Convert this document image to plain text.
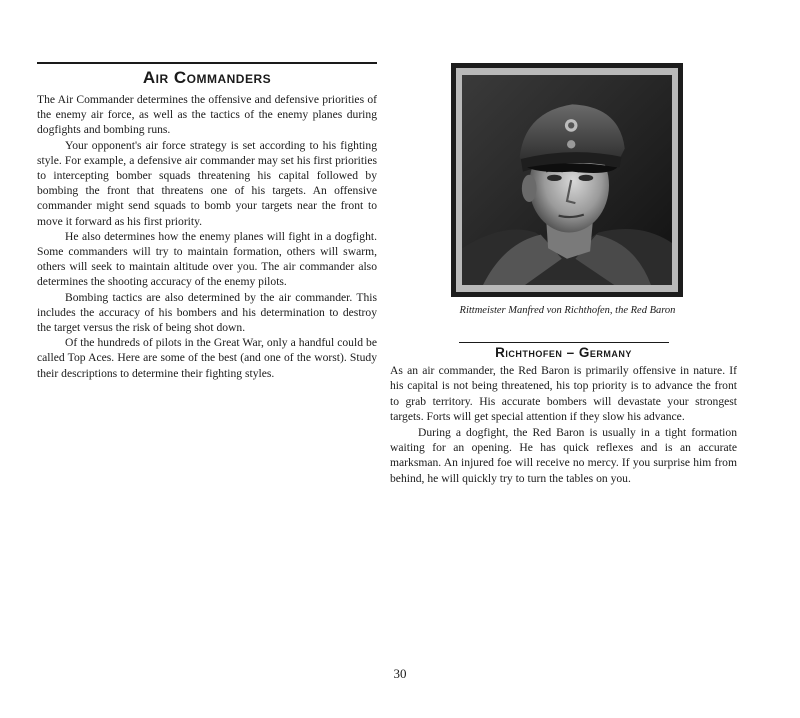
Air Commanders

The Air Commander determines the offensive and defensive priorities of the enemy air force, as well as the tactics of the enemy planes during dogfights and bombing runs.

Your opponent's air force strategy is set according to his fighting style. For example, a defensive air commander may set his first priorities to intercepting bomber squads threatening his capital followed by bombing the front that threatens one of his targets. An offensive commander might send squads to bomb your targets near the front to move it forward as his first priority.

He also determines how the enemy planes will fight in a dogfight. Some commanders will try to maintain formation, others will swarm, others will seek to maintain altitude over you. The air commander also determines the shooting accuracy of the enemy pilots.

Bombing tactics are also determined by the air commander. This includes the accuracy of his bombers and his determination to destroy the target versus the risk of being shot down.

Of the hundreds of pilots in the Great War, only a handful could be called Top Aces. Here are some of the best (and one of the worst). Study their descriptions to determine their fighting styles.

Rittmeister Manfred von Richthofen, the Red Baron
Richthofen – Germany

As an air commander, the Red Baron is primarily offensive in nature. If his capital is not being threatened, his top priority is to advance the front to grab territory. His accurate bombers will devastate your strongest targets. Forts will get special attention if they slow his advance.

During a dogfight, the Red Baron is usually in a tight formation waiting for an opening. He has quick reflexes and is an accurate marksman. An injured foe will receive no mercy. If you surprise him from behind, he will quickly try to turn the tables on you.

30
